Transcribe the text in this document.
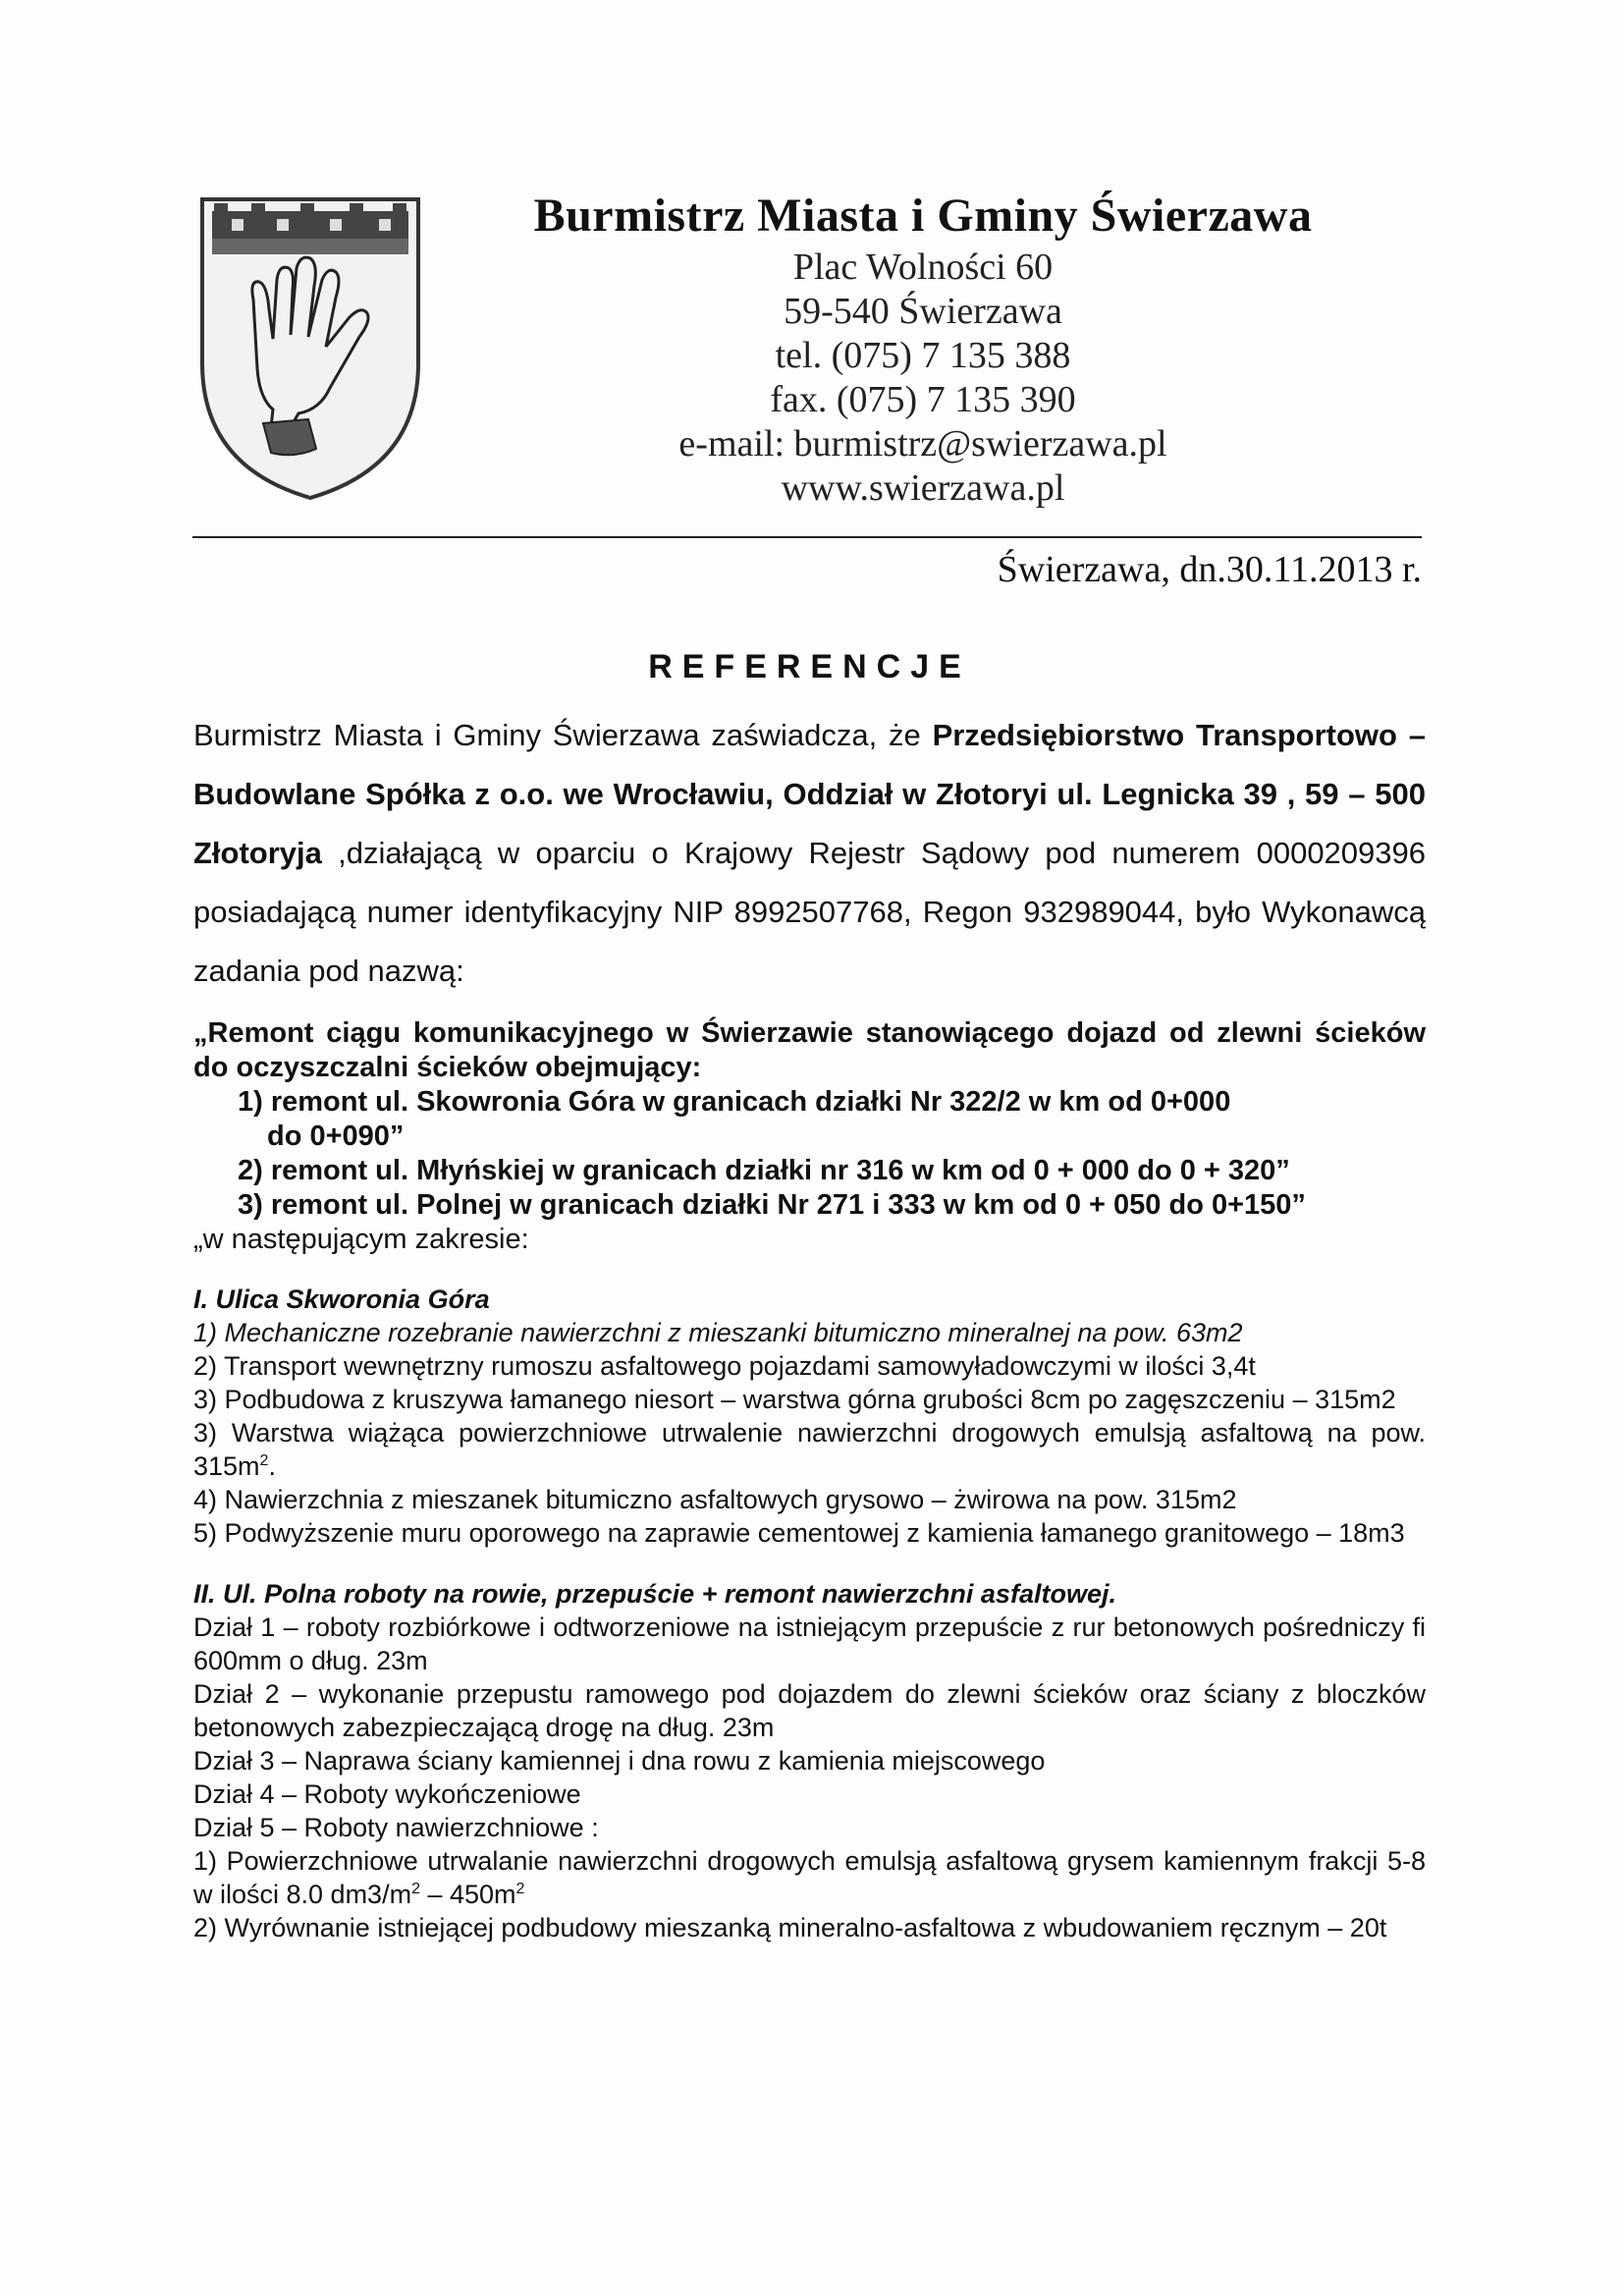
Burmistrz Miasta i Gminy Świerzawa

Plac Wolności 60

59-540 Świerzawa

tel. (075) 7 135 388

fax. (075) 7 135 390

e-mail: burmistrz@swierzawa.pl

www.swierzawa.pl

Świerzawa, dn.30.11.2013 r.

REFERENCJE

Burmistrz Miasta i Gminy Świerzawa zaświadcza, że Przedsiębiorstwo Transportowo – Budowlane Spółka z o.o. we Wrocławiu, Oddział w Złotoryi ul. Legnicka 39 , 59 – 500 Złotoryja ,działającą w oparciu o Krajowy Rejestr Sądowy pod numerem 0000209396 posiadającą numer identyfikacyjny NIP 8992507768, Regon 932989044, było Wykonawcą zadania pod nazwą:

„Remont ciągu komunikacyjnego w Świerzawie stanowiącego dojazd od zlewni ścieków do oczyszczalni ścieków obejmujący:

1) remont ul. Skowronia Góra w granicach działki Nr 322/2 w km od 0+000

do 0+090”

2) remont ul. Młyńskiej w granicach działki nr 316 w km od 0 + 000 do 0 + 320”

3) remont ul. Polnej w granicach działki Nr 271 i 333 w km od 0 + 050 do 0+150”

„w następującym zakresie:

I. Ulica Skworonia Góra

1) Mechaniczne rozebranie nawierzchni z mieszanki bitumiczno mineralnej na pow. 63m2

2) Transport wewnętrzny rumoszu asfaltowego pojazdami samowyładowczymi w ilości 3,4t

3) Podbudowa z kruszywa łamanego niesort – warstwa górna grubości 8cm po zagęszczeniu – 315m2

3) Warstwa wiążąca powierzchniowe utrwalenie nawierzchni drogowych emulsją asfaltową na pow. $315m^2$.

4) Nawierzchnia z mieszanek bitumiczno asfaltowych grysowo – żwirowa na pow. 315m2

5) Podwyższenie muru oporowego na zaprawie cementowej z kamienia łamanego granitowego – 18m3

II. Ul. Polna roboty na rowie, przepuście + remont nawierzchni asfaltowej.

Dział 1 – roboty rozbiórkowe i odtworzeniowe na istniejącym przepuście z rur betonowych pośredniczy fi 600mm o dług. 23m

Dział 2 – wykonanie przepustu ramowego pod dojazdem do zlewni ścieków oraz ściany z bloczków betonowych zabezpieczającą drogę na dług. 23m

Dział 3 – Naprawa ściany kamiennej i dna rowu z kamienia miejscowego

Dział 4 – Roboty wykończeniowe

Dział 5 – Roboty nawierzchniowe :

1) Powierzchniowe utrwalanie nawierzchni drogowych emulsją asfaltową grysem kamiennym frakcji 5-8 w ilości 8.0 $dm3/m^2 - 450m^2$

2) Wyrównanie istniejącej podbudowy mieszanką mineralno-asfaltowa z wbudowaniem ręcznym – 20t
